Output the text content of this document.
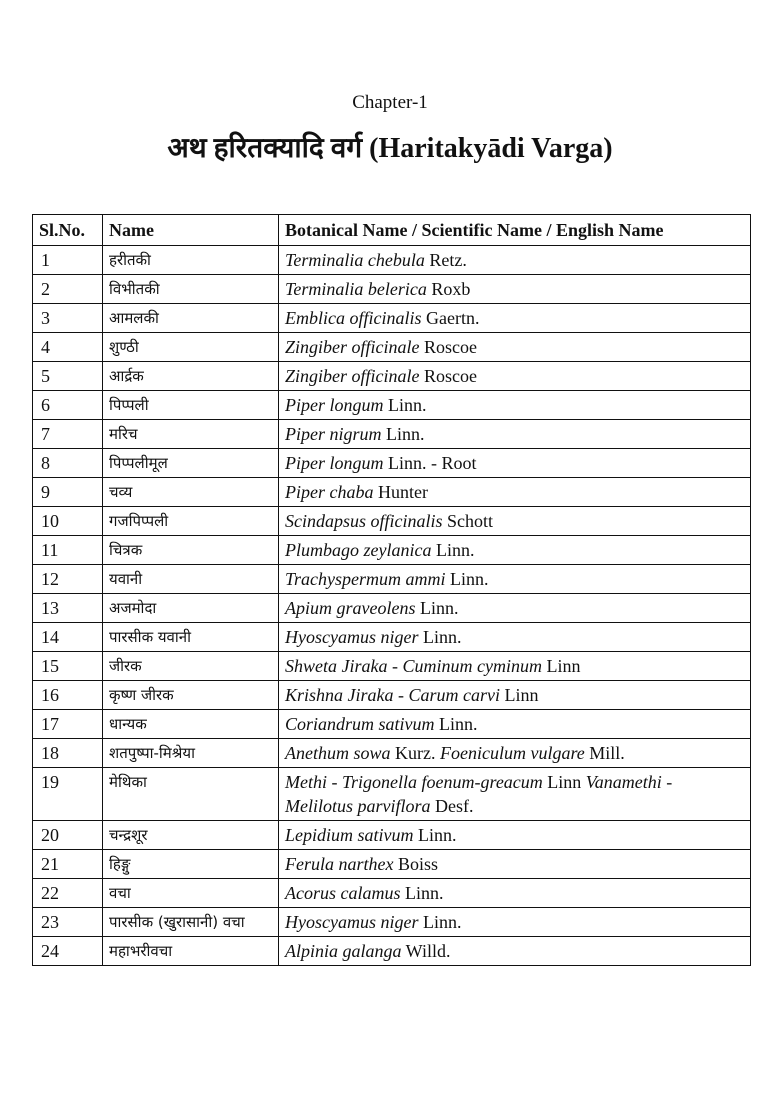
Chapter-1
अथ हरितक्यादि वर्ग (Haritakyādi Varga)
Sl.No.	Name	Botanical Name / Scientific Name / English Name
1	हरीतकी	Terminalia chebula Retz.
2	विभीतकी	Terminalia belerica Roxb
3	आमलकी	Emblica officinalis Gaertn.
4	शुण्ठी	Zingiber officinale Roscoe
5	आर्द्रक	Zingiber officinale Roscoe
6	पिप्पली	Piper longum Linn.
7	मरिच	Piper nigrum Linn.
8	पिप्पलीमूल	Piper longum Linn. - Root
9	चव्य	Piper chaba Hunter
10	गजपिप्पली	Scindapsus officinalis Schott
11	चित्रक	Plumbago zeylanica Linn.
12	यवानी	Trachyspermum ammi Linn.
13	अजमोदा	Apium graveolens Linn.
14	पारसीक यवानी	Hyoscyamus niger Linn.
15	जीरक	Shweta Jiraka - Cuminum cyminum Linn
16	कृष्ण जीरक	Krishna Jiraka - Carum carvi Linn
17	धान्यक	Coriandrum sativum Linn.
18	शतपुष्पा-मिश्रेया	Anethum sowa Kurz. Foeniculum vulgare Mill.
19	मेथिका	Methi - Trigonella foenum-greacum Linn Vanamethi - Melilotus parviflora Desf.
20	चन्द्रशूर	Lepidium sativum Linn.
21	हिङ्गु	Ferula narthex Boiss
22	वचा	Acorus calamus Linn.
23	पारसीक (खुरासानी) वचा	Hyoscyamus niger Linn.
24	महाभरीवचा	Alpinia galanga Willd.
